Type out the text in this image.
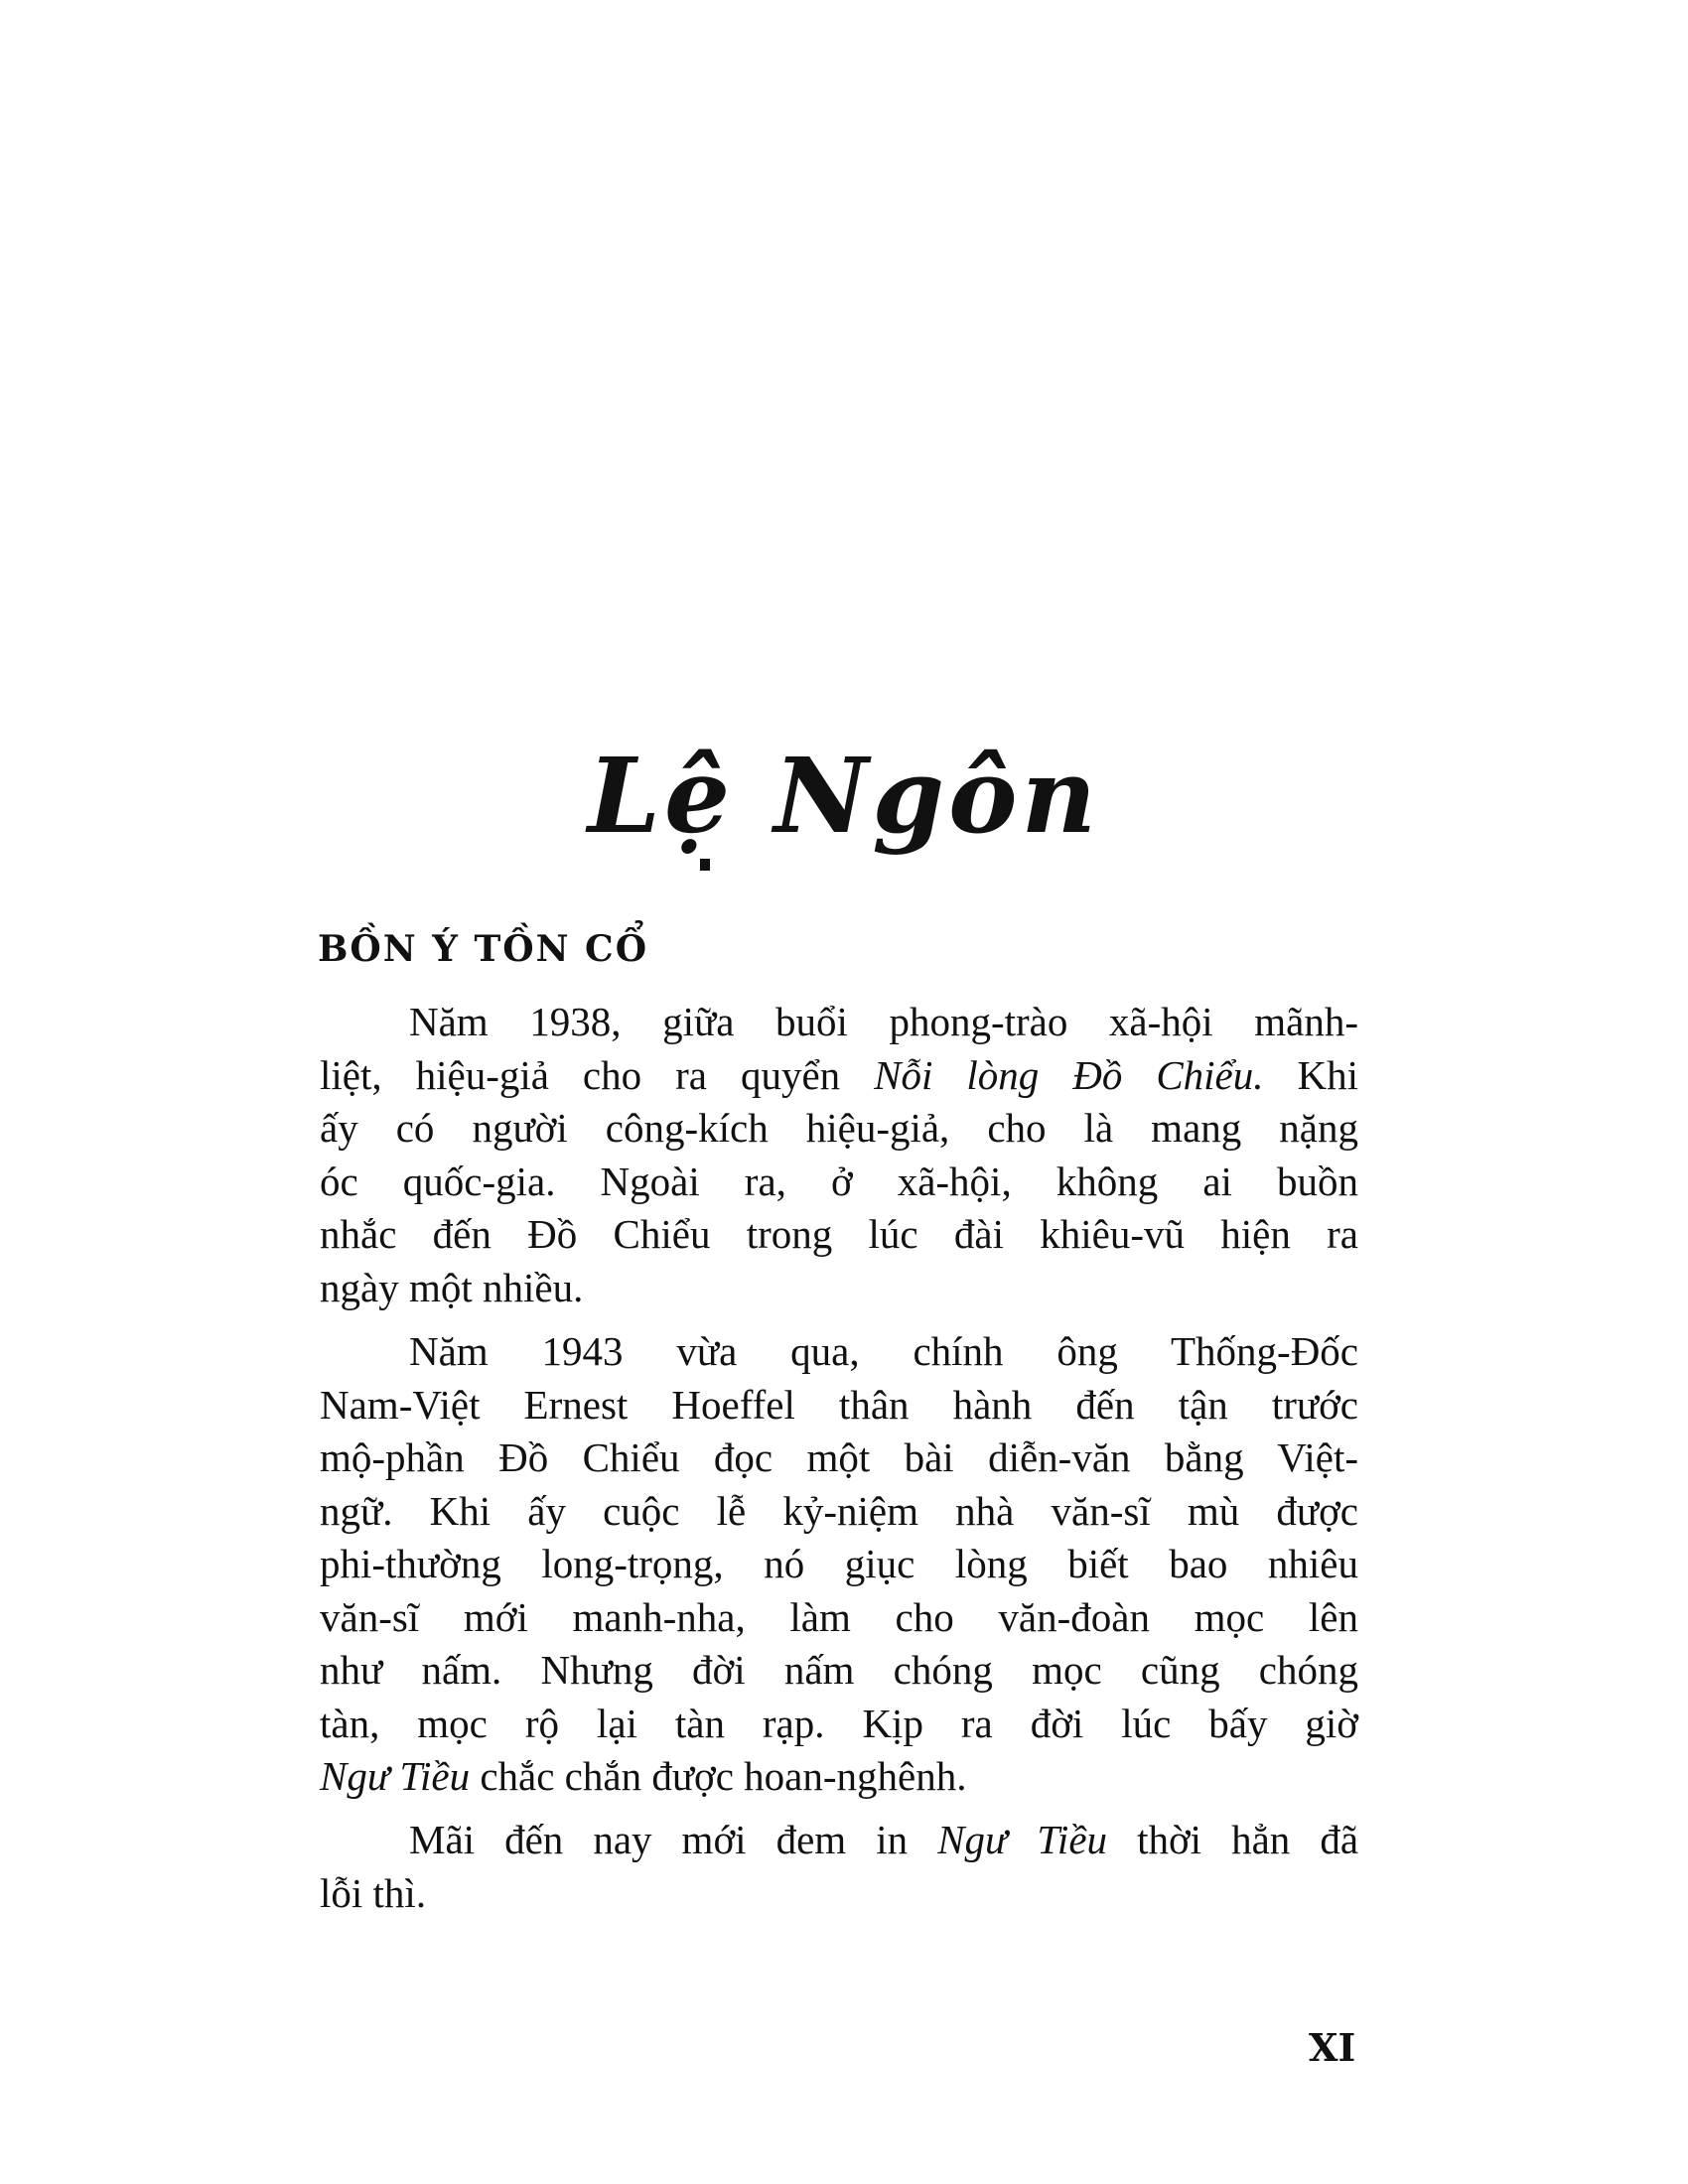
Lệ Ngôn
BỒN Ý TỒN CỔ
Năm 1938, giữa buổi phong-trào xã-hội mãnh-
liệt, hiệu-giả cho ra quyển Nỗi lòng Đồ Chiểu. Khi
ấy có người công-kích hiệu-giả, cho là mang nặng
óc quốc-gia. Ngoài ra, ở xã-hội, không ai buồn
nhắc đến Đồ Chiểu trong lúc đài khiêu-vũ hiện ra
ngày một nhiều.
Năm 1943 vừa qua, chính ông Thống-Đốc
Nam-Việt Ernest Hoeffel thân hành đến tận trước
mộ-phần Đồ Chiểu đọc một bài diễn-văn bằng Việt-
ngữ. Khi ấy cuộc lễ kỷ-niệm nhà văn-sĩ mù được
phi-thường long-trọng, nó giục lòng biết bao nhiêu
văn-sĩ mới manh-nha, làm cho văn-đoàn mọc lên
như nấm. Nhưng đời nấm chóng mọc cũng chóng
tàn, mọc rộ lại tàn rạp. Kịp ra đời lúc bấy giờ
Ngư Tiều chắc chắn được hoan-nghênh.
Mãi đến nay mới đem in Ngư Tiều thời hẳn đã
lỗi thì.
XI
